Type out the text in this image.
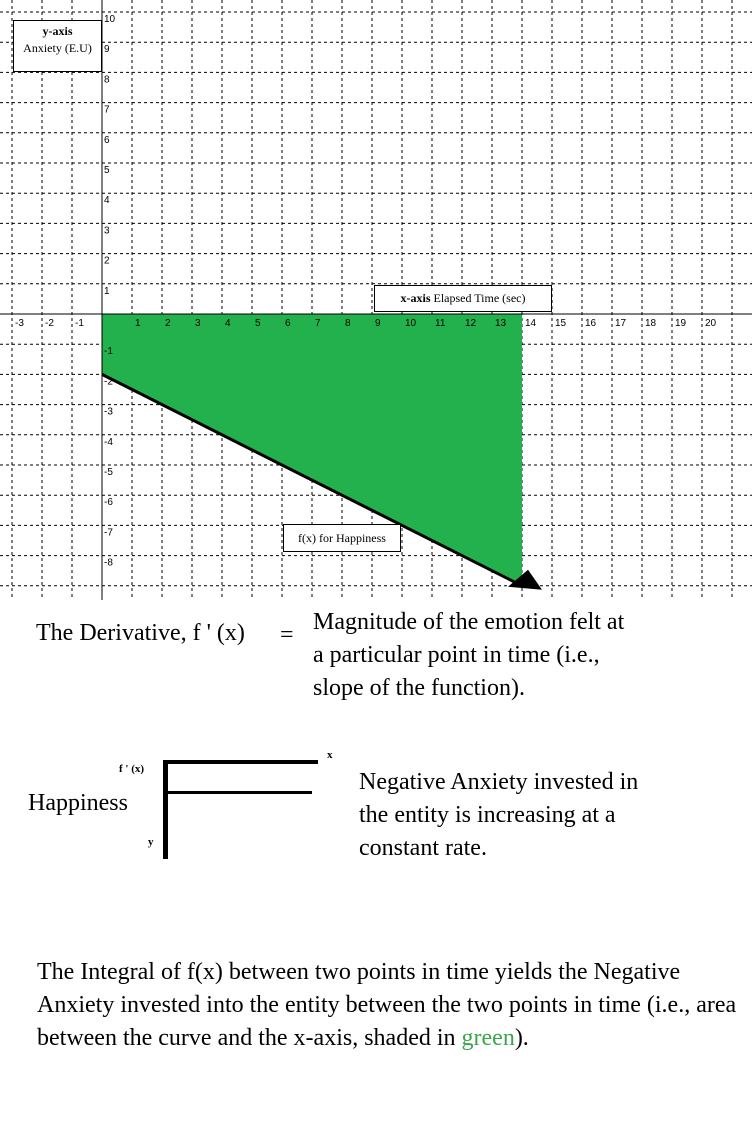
-3 -2 -1	1 2 3 4 5 6 7 8 9 10 11 12 13 14 15 16 17 18 19 20
10
9
8
7
6
5
4
3
2
1
-1
-2
-3
-4
-5
-6
-7
-8
y-axis
Anxiety (E.U)
x-axis Elapsed Time (sec)
f(x) for Happiness
The Derivative, f ' (x) = Magnitude of the emotion felt at
a particular point in time (i.e.,
slope of the function).
f ' (x)
x
y
Happiness
Negative Anxiety invested in
the entity is increasing at a
constant rate.
The Integral of f(x) between two points in time yields the Negative Anxiety invested into the entity between the two points in time (i.e., area between the curve and the x-axis, shaded in green).
